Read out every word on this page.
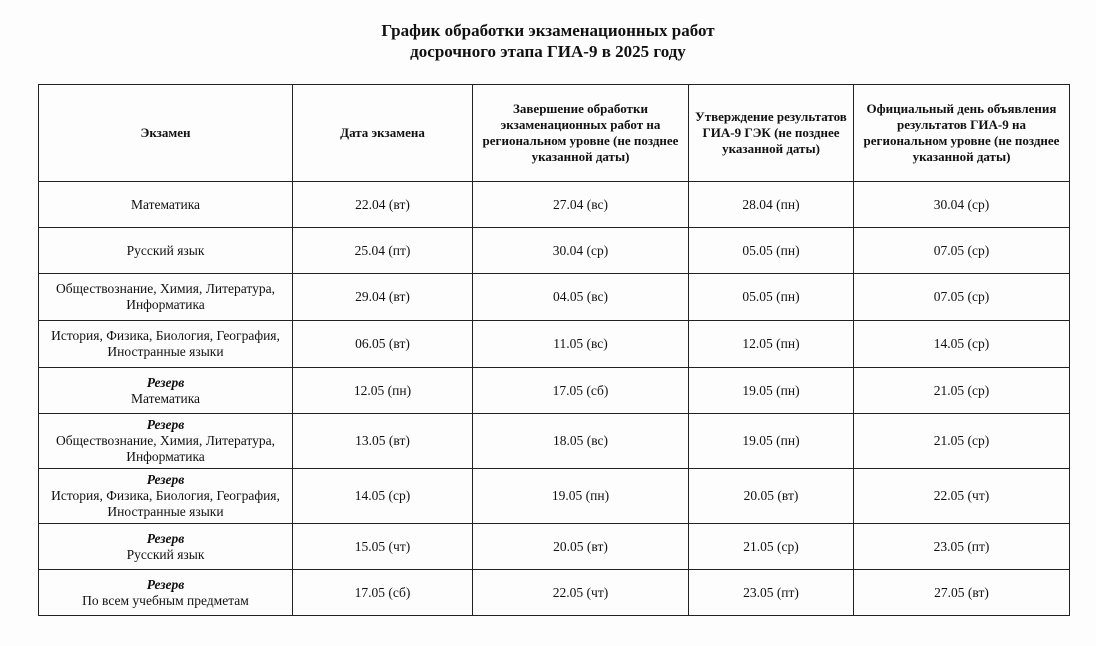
График обработки экзаменационных работ
досрочного этапа ГИА-9 в 2025 году
Экзамен	Дата экзамена	Завершение обработки экзаменационных работ на региональном уровне (не позднее указанной даты)	Утверждение результатов ГИА-9 ГЭК (не позднее указанной даты)	Официальный день объявления результатов ГИА-9 на региональном уровне (не позднее указанной даты)

Математика	22.04 (вт)	27.04 (вс)	28.04 (пн)	30.04 (ср)

Русский язык	25.04 (пт)	30.04 (ср)	05.05 (пн)	07.05 (ср)

Обществознание, Химия, Литература, Информатика	29.04 (вт)	04.05 (вс)	05.05 (пн)	07.05 (ср)

История, Физика, Биология, География, Иностранные языки	06.05 (вт)	11.05 (вс)	12.05 (пн)	14.05 (ср)

Резерв
Математика	12.05 (пн)	17.05 (сб)	19.05 (пн)	21.05 (ср)

Резерв
Обществознание, Химия, Литература, Информатика	13.05 (вт)	18.05 (вс)	19.05 (пн)	21.05 (ср)

Резерв
История, Физика, Биология, География, Иностранные языки	14.05 (ср)	19.05 (пн)	20.05 (вт)	22.05 (чт)

Резерв
Русский язык	15.05 (чт)	20.05 (вт)	21.05 (ср)	23.05 (пт)

Резерв
По всем учебным предметам	17.05 (сб)	22.05 (чт)	23.05 (пт)	27.05 (вт)
